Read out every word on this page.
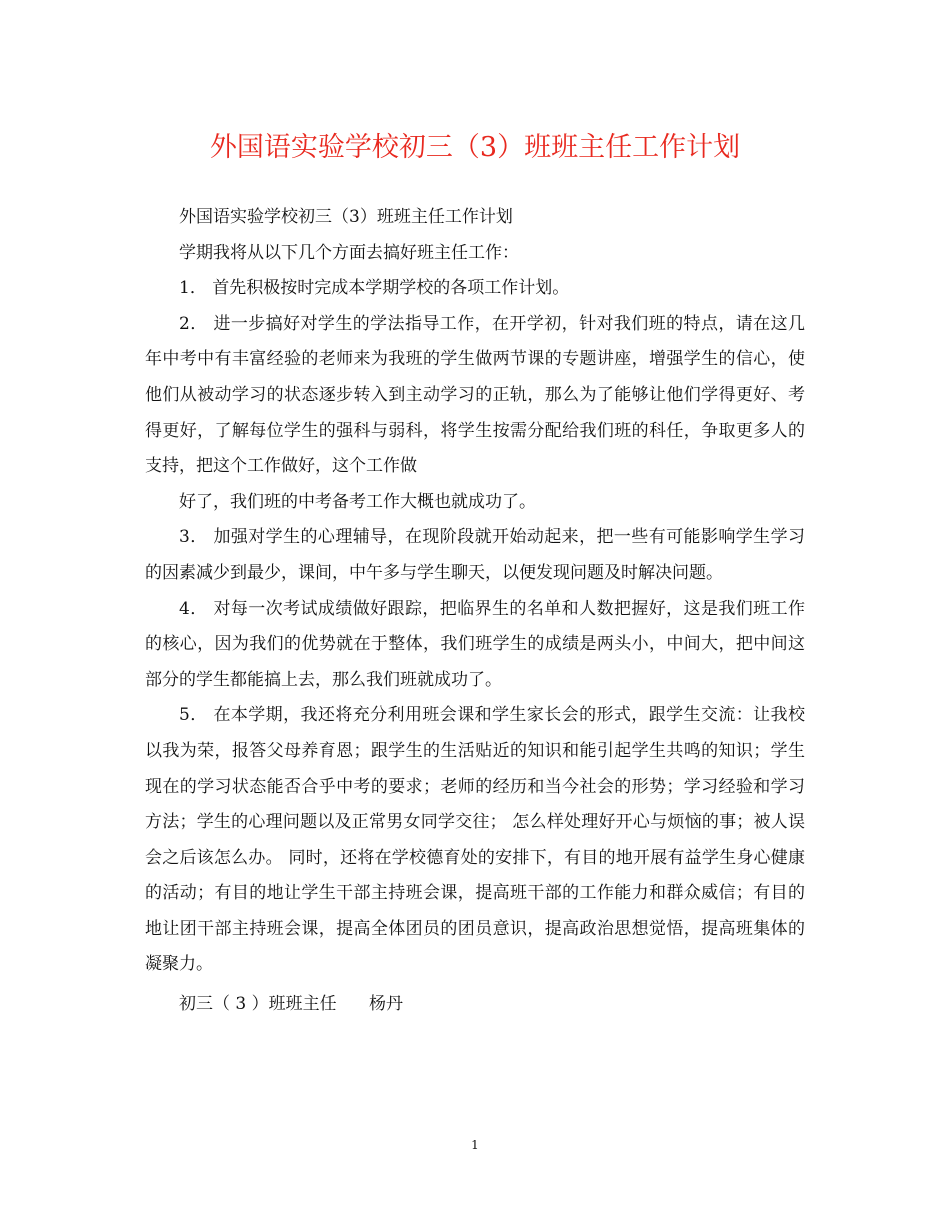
外国语实验学校初三（3）班班主任工作计划

外国语实验学校初三（3）班班主任工作计划

学期我将从以下几个方面去搞好班主任工作：

1． 首先积极按时完成本学期学校的各项工作计划。

2． 进一步搞好对学生的学法指导工作，在开学初，针对我们班的特点，请在这几年中考中有丰富经验的老师来为我班的学生做两节课的专题讲座，增强学生的信心，使他们从被动学习的状态逐步转入到主动学习的正轨，那么为了能够让他们学得更好、考得更好，了解每位学生的强科与弱科，将学生按需分配给我们班的科任，争取更多人的支持，把这个工作做好，这个工作做

好了，我们班的中考备考工作大概也就成功了。

3． 加强对学生的心理辅导，在现阶段就开始动起来，把一些有可能影响学生学习的因素减少到最少，课间，中午多与学生聊天，以便发现问题及时解决问题。

4． 对每一次考试成绩做好跟踪，把临界生的名单和人数把握好，这是我们班工作的核心，因为我们的优势就在于整体，我们班学生的成绩是两头小，中间大，把中间这部分的学生都能搞上去，那么我们班就成功了。

5． 在本学期，我还将充分利用班会课和学生家长会的形式，跟学生交流：让我校以我为荣，报答父母养育恩；跟学生的生活贴近的知识和能引起学生共鸣的知识；学生现在的学习状态能否合乎中考的要求；老师的经历和当今社会的形势；学习经验和学习方法；学生的心理问题以及正常男女同学交往； 怎么样处理好开心与烦恼的事；被人误会之后该怎么办。 同时，还将在学校德育处的安排下，有目的地开展有益学生身心健康的活动；有目的地让学生干部主持班会课，提高班干部的工作能力和群众威信；有目的地让团干部主持班会课，提高全体团员的团员意识，提高政治思想觉悟，提高班集体的凝聚力。

初三（ 3 ）班班主任      杨丹
1
